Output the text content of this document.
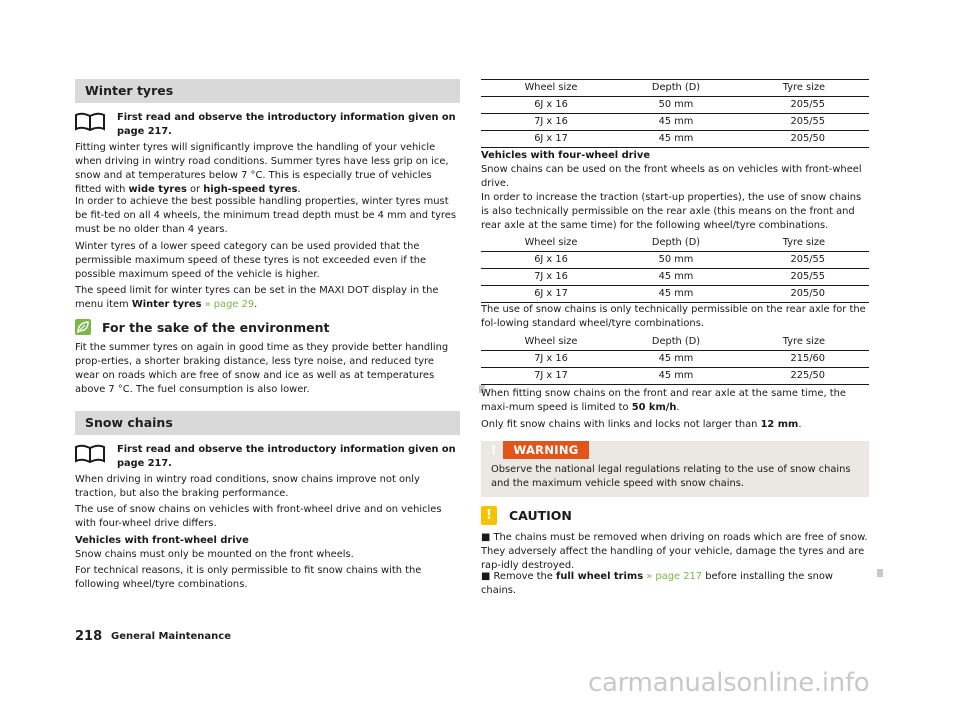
Winter tyres
First read and observe the introductory information given on page 217.

Fitting winter tyres will significantly improve the handling of your vehicle when driving in wintry road conditions. Summer tyres have less grip on ice, snow and at temperatures below 7 °C. This is especially true of vehicles fitted with wide tyres or high-speed tyres.

In order to achieve the best possible handling properties, winter tyres must be fit-ted on all 4 wheels, the minimum tread depth must be 4 mm and tyres must be no older than 4 years.

Winter tyres of a lower speed category can be used provided that the permissible maximum speed of these tyres is not exceeded even if the possible maximum speed of the vehicle is higher.

The speed limit for winter tyres can be set in the MAXI DOT display in the menu item Winter tyres » page 29.

For the sake of the environment

Fit the summer tyres on again in good time as they provide better handling prop-erties, a shorter braking distance, less tyre noise, and reduced tyre wear on roads which are free of snow and ice as well as at temperatures above 7 °C. The fuel consumption is also lower.

Snow chains
First read and observe the introductory information given on page 217.

When driving in wintry road conditions, snow chains improve not only traction, but also the braking performance.

The use of snow chains on vehicles with front-wheel drive and on vehicles with four-wheel drive differs.

Vehicles with front-wheel drive
Snow chains must only be mounted on the front wheels.

For technical reasons, it is only permissible to fit snow chains with the following wheel/tyre combinations.

Wheel size	Depth (D)	Tyre size
6J x 16	50 mm	205/55
7J x 16	45 mm	205/55
6J x 17	45 mm	205/50

Vehicles with four-wheel drive
Snow chains can be used on the front wheels as on vehicles with front-wheel drive.

In order to increase the traction (start-up properties), the use of snow chains is also technically permissible on the rear axle (this means on the front and rear axle at the same time) for the following wheel/tyre combinations.

Wheel size	Depth (D)	Tyre size
6J x 16	50 mm	205/55
7J x 16	45 mm	205/55
6J x 17	45 mm	205/50

The use of snow chains is only technically permissible on the rear axle for the fol-lowing standard wheel/tyre combinations.

Wheel size	Depth (D)	Tyre size
7J x 16	45 mm	215/60
7J x 17	45 mm	225/50

When fitting snow chains on the front and rear axle at the same time, the maxi-mum speed is limited to 50 km/h.

Only fit snow chains with links and locks not larger than 12 mm.

WARNING
!
Observe the national legal regulations relating to the use of snow chains and the maximum vehicle speed with snow chains.
!	CAUTION

■ The chains must be removed when driving on roads which are free of snow. They adversely affect the handling of your vehicle, damage the tyres and are rap-idly destroyed.

■ Remove the full wheel trims » page 217 before installing the snow chains.

218 General Maintenance
carmanualsonline.info
